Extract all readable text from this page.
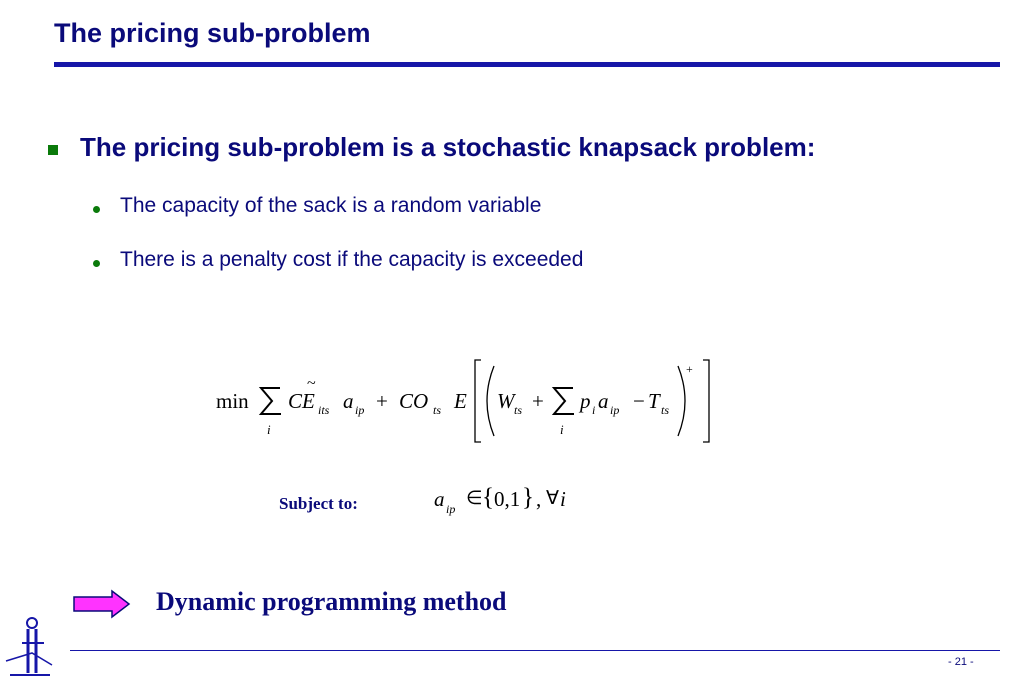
The pricing sub-problem
The pricing sub-problem is a stochastic knapsack problem:
The capacity of the sack is a random variable
There is a penalty cost if the capacity is exceeded
min
i
CE
~
its a ip + CO ts E W ts +
i
p i a ip − T ts
+
Subject to:	a ip ∈ { 0,1 } , ∀ i
Dynamic programming method
- 21 -
